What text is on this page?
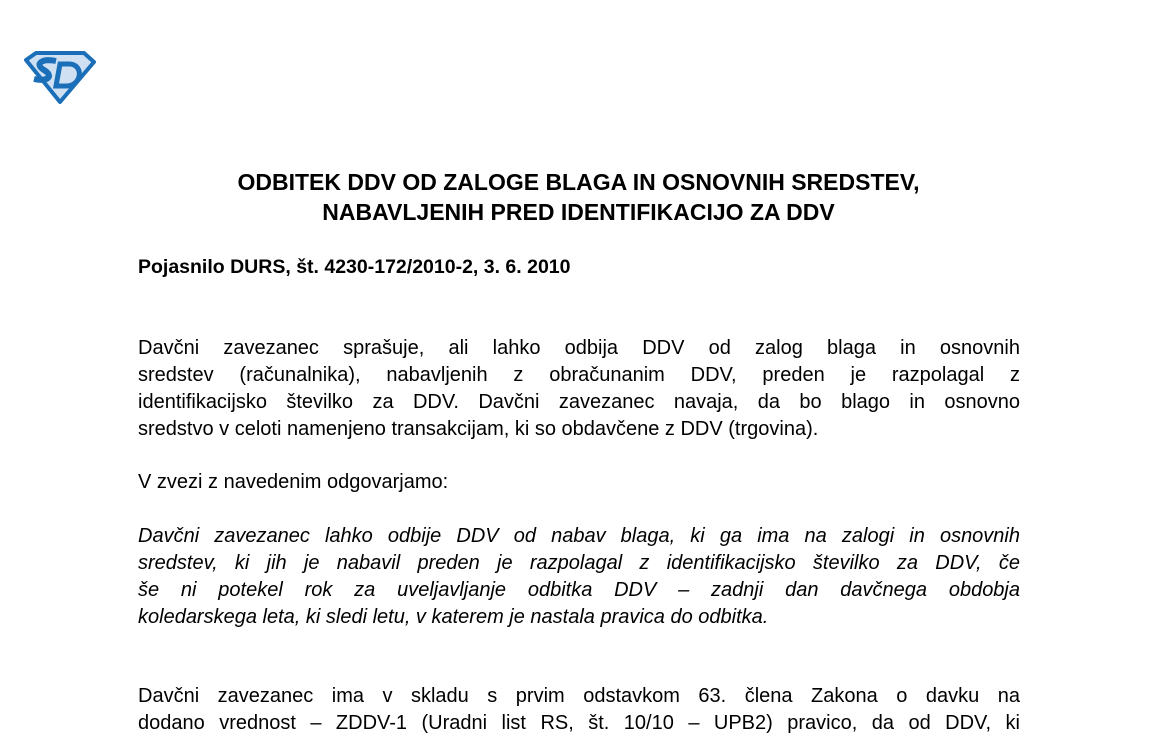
ODBITEK DDV OD ZALOGE BLAGA IN OSNOVNIH SREDSTEV,
NABAVLJENIH PRED IDENTIFIKACIJO ZA DDV
Pojasnilo DURS, št. 4230-172/2010-2, 3. 6. 2010
Davčni zavezanec sprašuje, ali lahko odbija DDV od zalog blaga in osnovnih
sredstev (računalnika), nabavljenih z obračunanim DDV, preden je razpolagal z
identifikacijsko številko za DDV. Davčni zavezanec navaja, da bo blago in osnovno
sredstvo v celoti namenjeno transakcijam, ki so obdavčene z DDV (trgovina).
V zvezi z navedenim odgovarjamo:
Davčni zavezanec lahko odbije DDV od nabav blaga, ki ga ima na zalogi in osnovnih
sredstev, ki jih je nabavil preden je razpolagal z identifikacijsko številko za DDV, če
še ni potekel rok za uveljavljanje odbitka DDV – zadnji dan davčnega obdobja
koledarskega leta, ki sledi letu, v katerem je nastala pravica do odbitka.
Davčni zavezanec ima v skladu s prvim odstavkom 63. člena Zakona o davku na
dodano vrednost – ZDDV-1 (Uradni list RS, št. 10/10 – UPB2) pravico, da od DDV, ki
